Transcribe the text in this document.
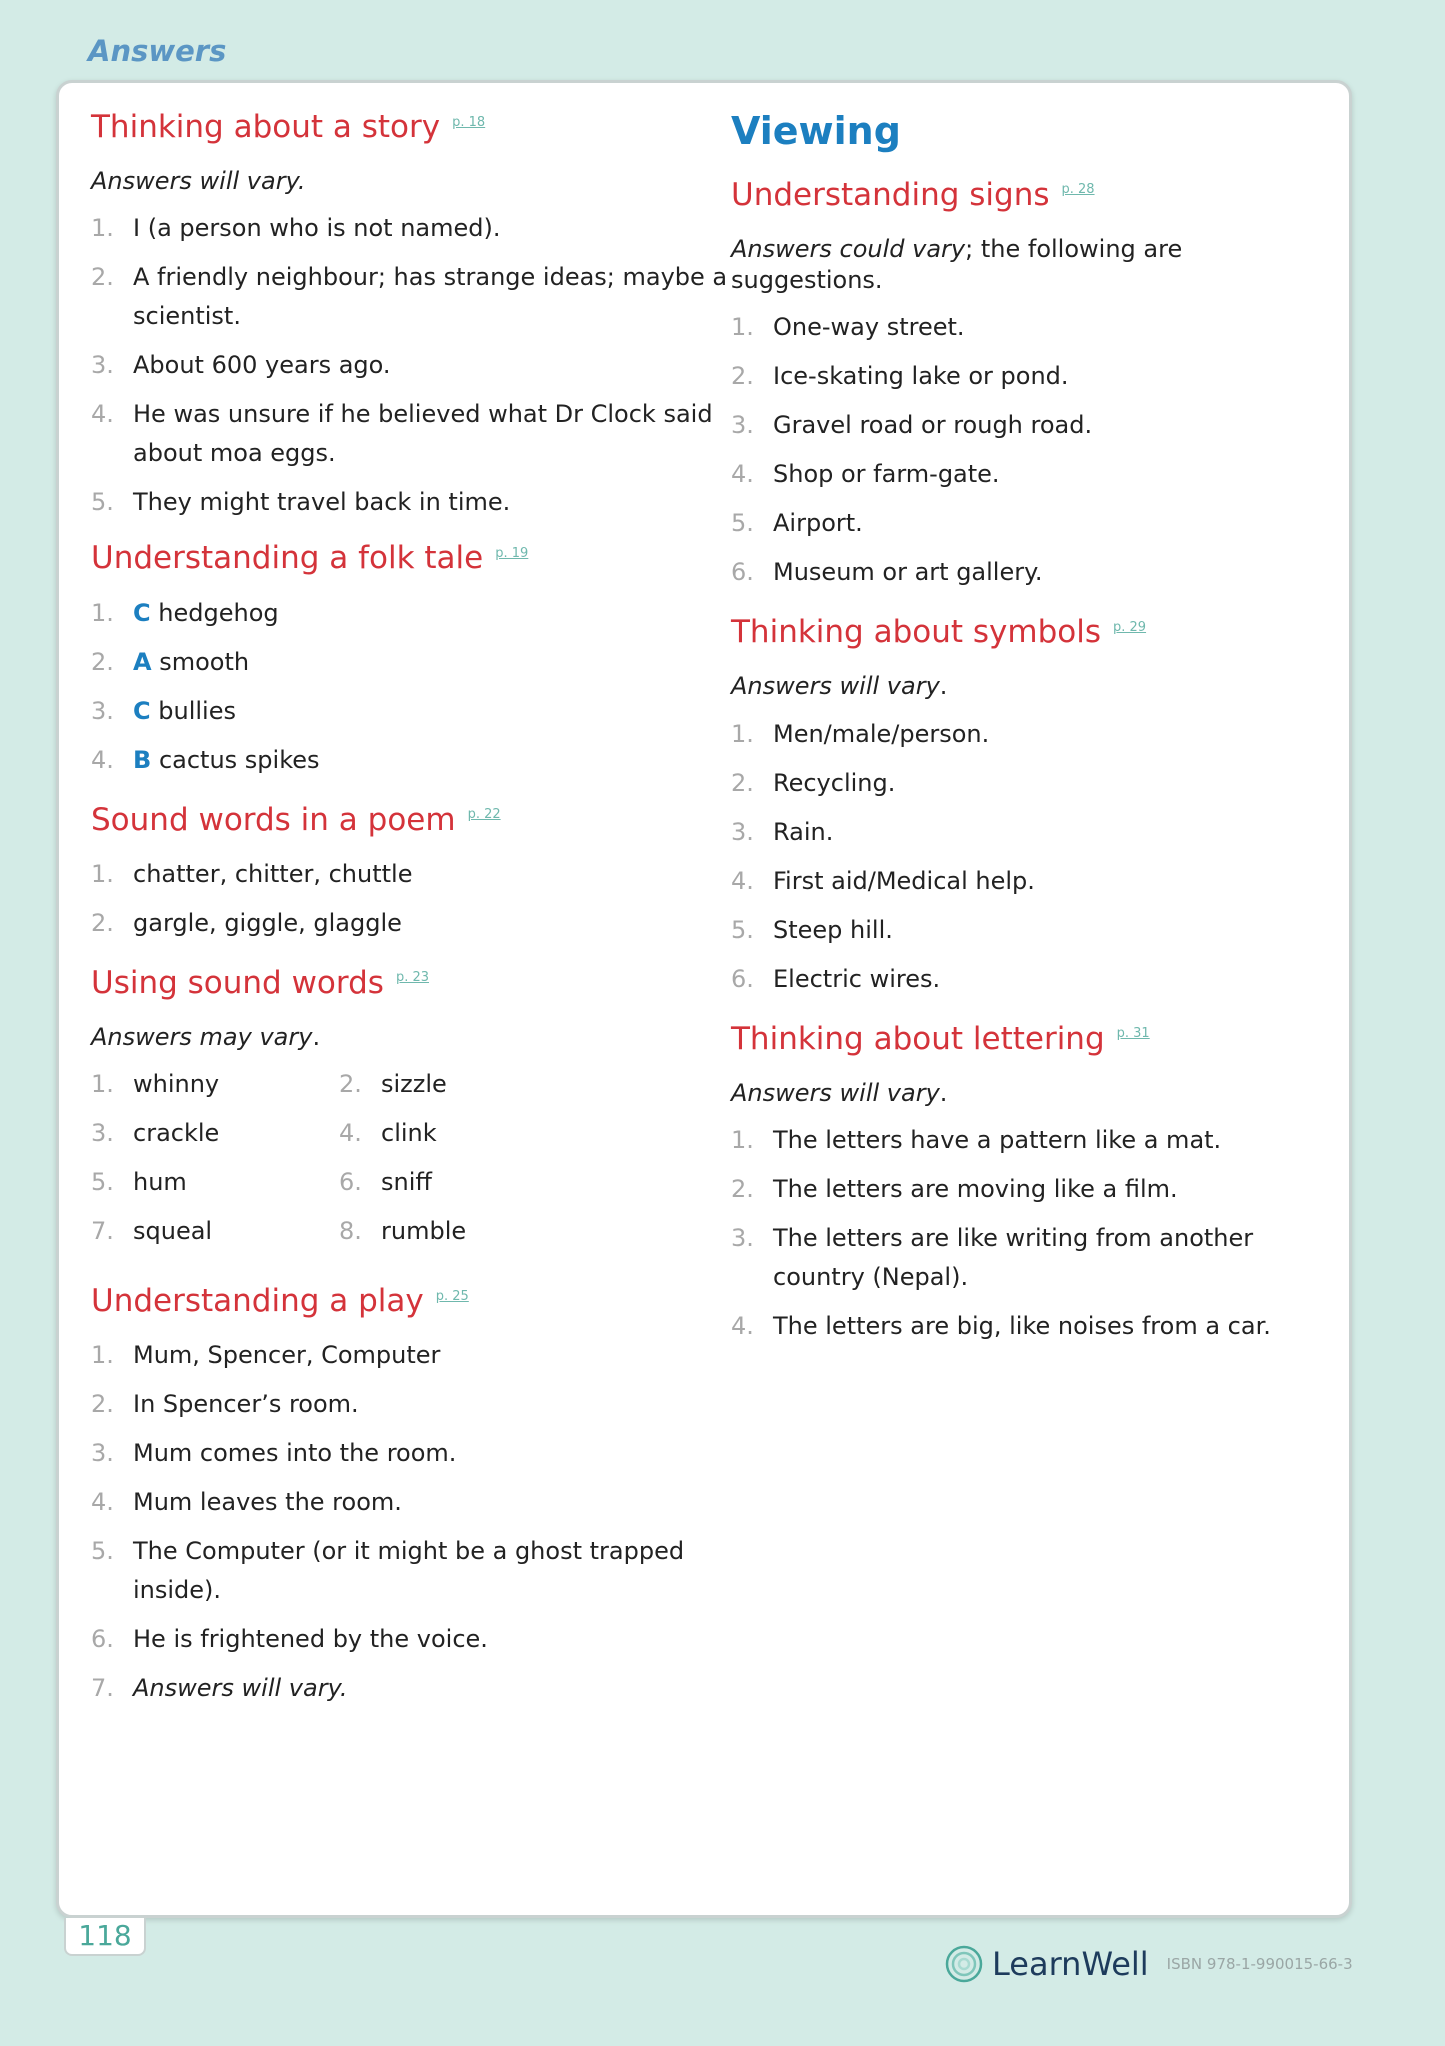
Answers
Thinking about a story $^{p. 18}$
Answers will vary.
1. I (a person who is not named).
2. A friendly neighbour; has strange ideas; maybe a scientist.
3. About 600 years ago.
4. He was unsure if he believed what Dr Clock said about moa eggs.
5. They might travel back in time.
Understanding a folk tale $^{p. 19}$
1. C hedgehog
2. A smooth
3. C bullies
4. B cactus spikes
Sound words in a poem $^{p. 22}$
1. chatter, chitter, chuttle
2. gargle, giggle, glaggle
Using sound words $^{p. 23}$
Answers may vary.
1. whinny	2. sizzle
3. crackle	4. clink
5. hum	6. sniff
7. squeal	8. rumble
Understanding a play $^{p. 25}$
1. Mum, Spencer, Computer
2. In Spencer’s room.
3. Mum comes into the room.
4. Mum leaves the room.
5. The Computer (or it might be a ghost trapped inside).
6. He is frightened by the voice.
7. Answers will vary.
Viewing
Understanding signs $^{p. 28}$
Answers could vary; the following are suggestions.
1. One-way street.
2. Ice-skating lake or pond.
3. Gravel road or rough road.
4. Shop or farm-gate.
5. Airport.
6. Museum or art gallery.
Thinking about symbols $^{p. 29}$
Answers will vary.
1. Men/male/person.
2. Recycling.
3. Rain.
4. First aid/Medical help.
5. Steep hill.
6. Electric wires.
Thinking about lettering $^{p. 31}$
Answers will vary.
1. The letters have a pattern like a mat.
2. The letters are moving like a film.
3. The letters are like writing from another country (Nepal).
4. The letters are big, like noises from a car.
118
LearnWell ISBN 978-1-990015-66-3
